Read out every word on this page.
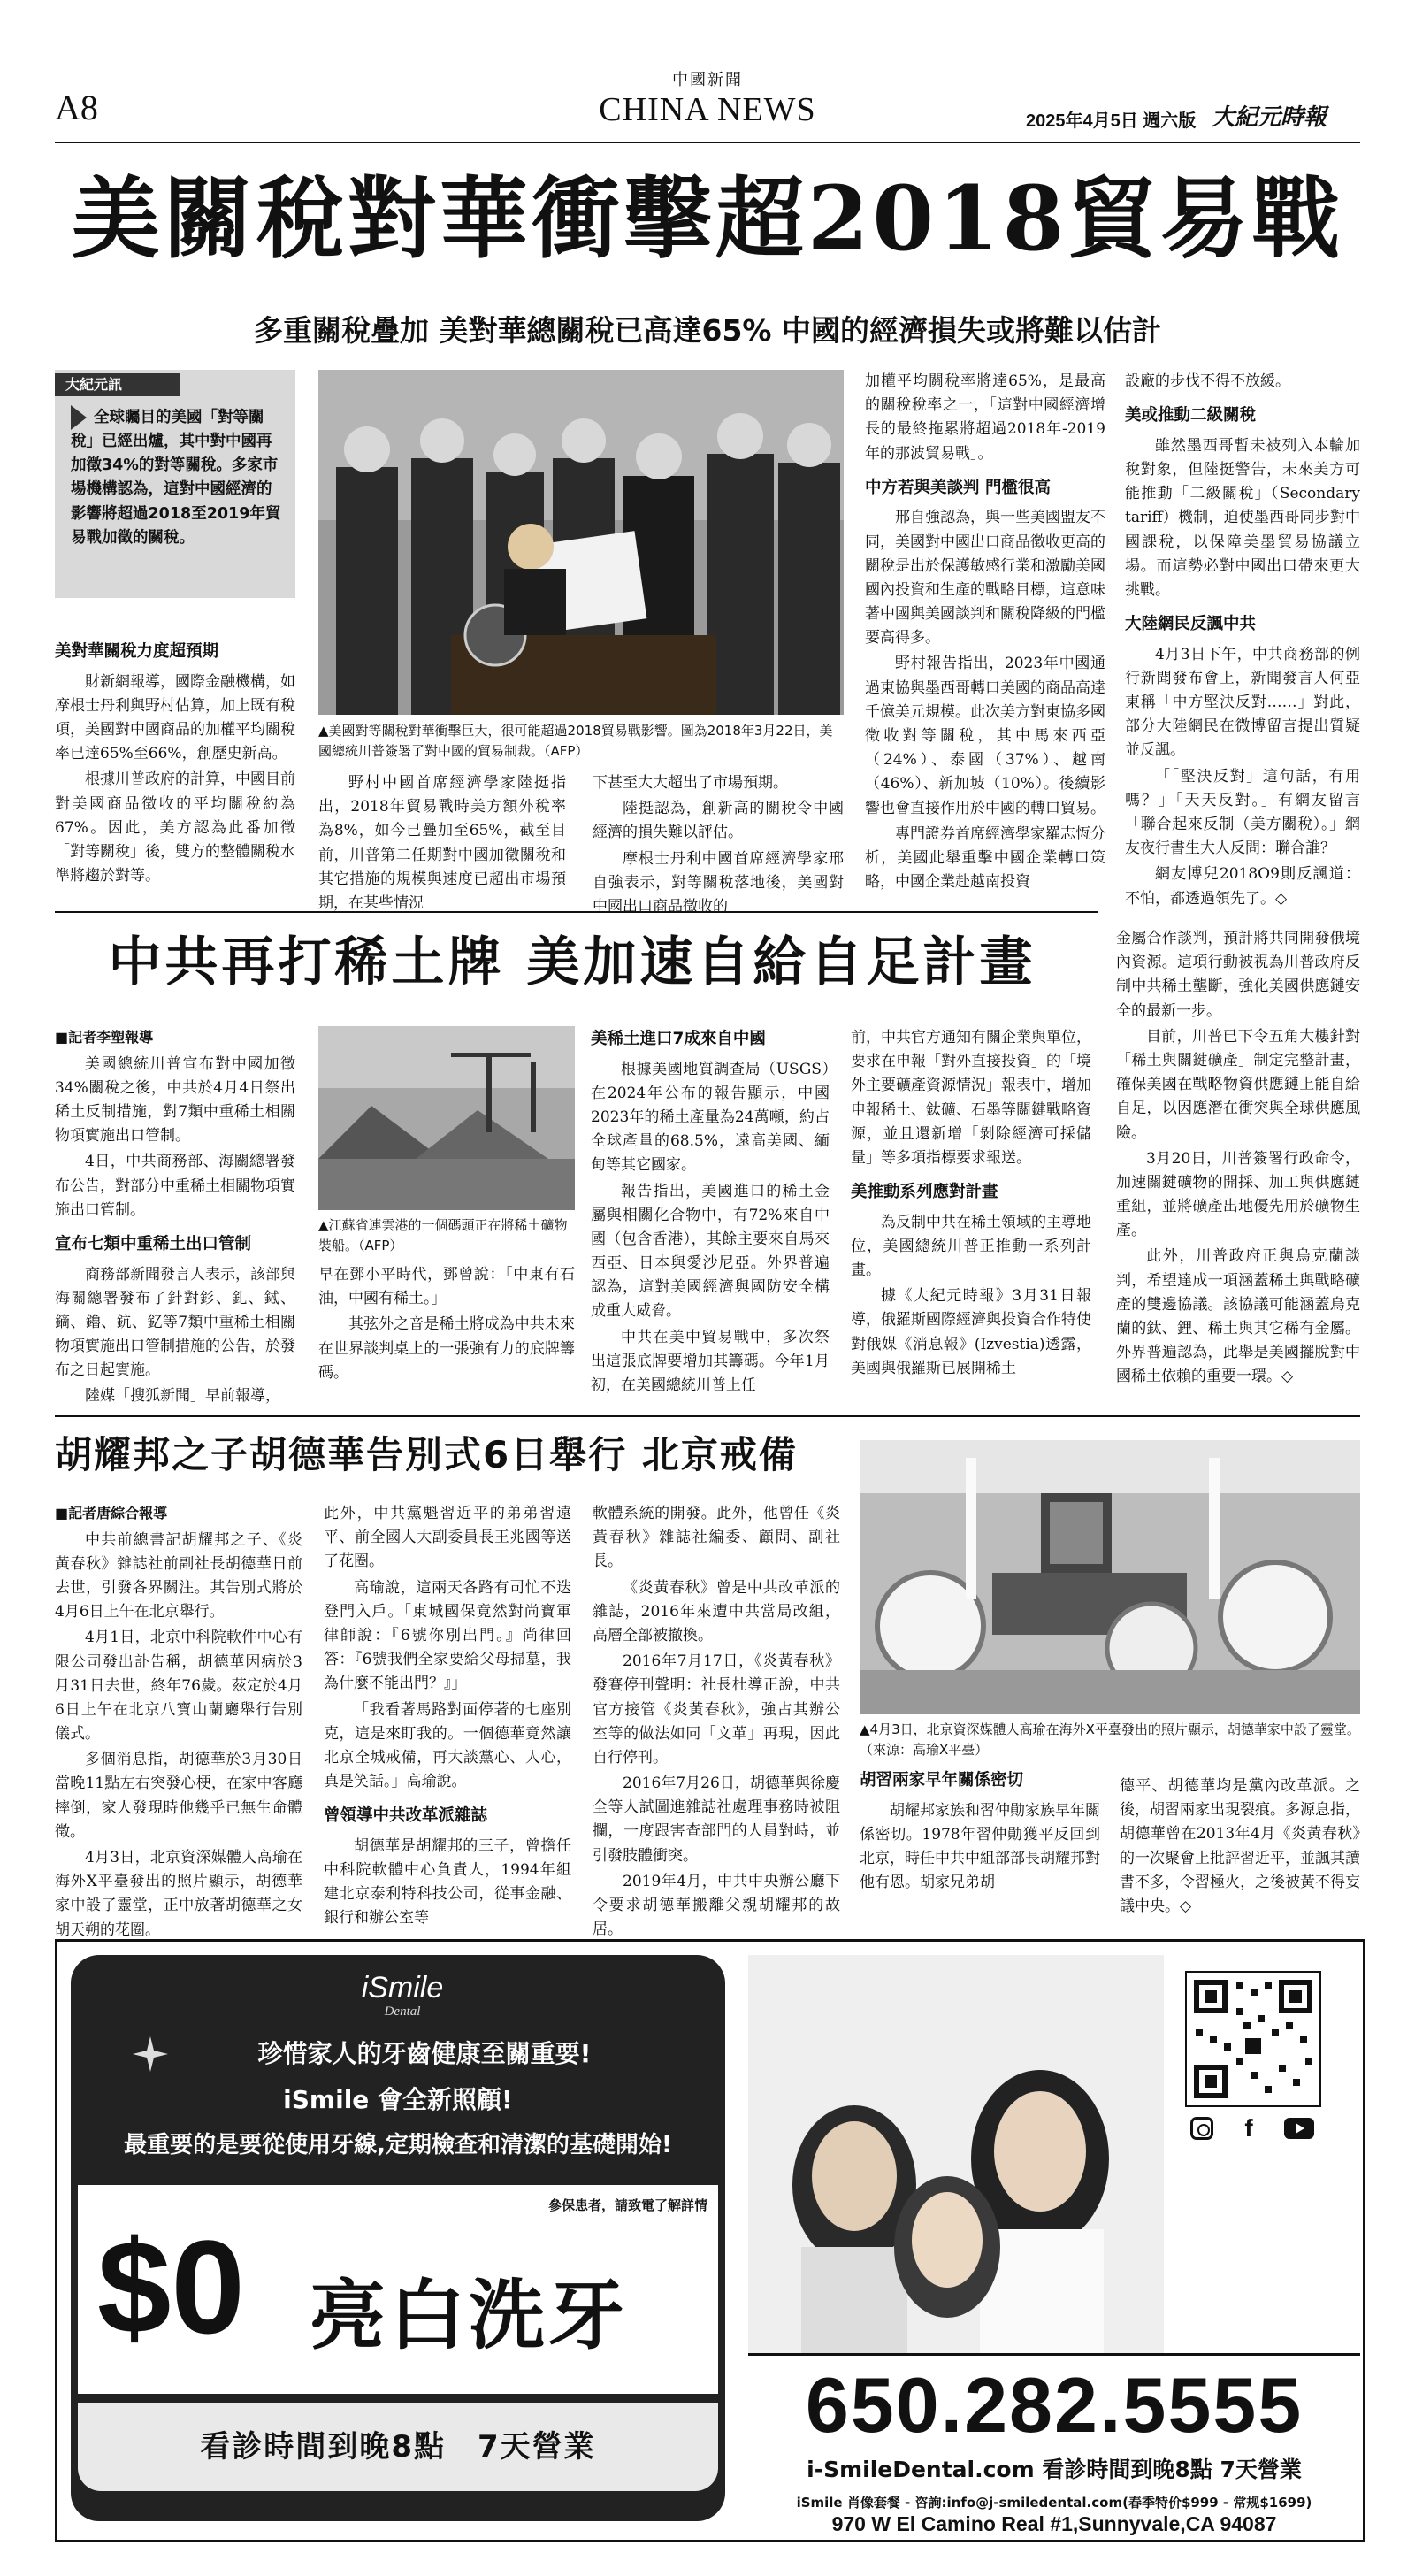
A8
中國新聞
CHINA NEWS	2025年4月5日 週六版 大紀元時報
美關稅對華衝擊超2018貿易戰
多重關稅疊加 美對華總關稅已高達65% 中國的經濟損失或將難以估計
大紀元訊
全球矚目的美國「對等關稅」已經出爐，其中對中國再加徵34%的對等關稅。多家市場機構認為，這對中國經濟的影響將超過2018至2019年貿易戰加徵的關稅。
美對華關稅力度超預期

財新網報導，國際金融機構，如摩根士丹利與野村估算，加上既有稅項，美國對中國商品的加權平均關稅率已達65%至66%，創歷史新高。

根據川普政府的計算，中國目前對美國商品徵收的平均關稅約為67%。因此，美方認為此番加徵「對等關稅」後，雙方的整體關稅水準將趨於對等。

▲美國對等關稅對華衝擊巨大，很可能超過2018貿易戰影響。圖為2018年3月22日，美國總統川普簽署了對中國的貿易制裁。（AFP）

野村中國首席經濟學家陸挺指出，2018年貿易戰時美方額外稅率為8%，如今已疊加至65%，截至目前，川普第二任期對中國加徵關稅和其它措施的規模與速度已超出市場預期，在某些情況

下甚至大大超出了市場預期。

陸挺認為，創新高的關稅令中國經濟的損失難以評估。

摩根士丹利中國首席經濟學家邢自強表示，對等關稅落地後，美國對中國出口商品徵收的

加權平均關稅率將達65%，是最高的關稅稅率之一，「這對中國經濟增長的最終拖累將超過2018年-2019年的那波貿易戰」。

中方若與美談判 門檻很高

邢自強認為，與一些美國盟友不同，美國對中國出口商品徵收更高的關稅是出於保護敏感行業和激勵美國國內投資和生產的戰略目標，這意味著中國與美國談判和關稅降級的門檻要高得多。

野村報告指出，2023年中國通過東協與墨西哥轉口美國的商品高達千億美元規模。此次美方對東協多國徵收對等關稅，其中馬來西亞（24%）、泰國（37%）、越南（46%）、新加坡（10%）。後續影響也會直接作用於中國的轉口貿易。

專門證券首席經濟學家羅志恆分析，美國此舉重擊中國企業轉口策略，中國企業赴越南投資

設廠的步伐不得不放緩。

美或推動二級關稅

雖然墨西哥暫未被列入本輪加稅對象，但陸挺警告，未來美方可能推動「二級關稅」（Secondary tariff）機制，迫使墨西哥同步對中國課稅，以保障美墨貿易協議立場。而這勢必對中國出口帶來更大挑戰。

大陸網民反諷中共

4月3日下午，中共商務部的例行新聞發布會上，新聞發言人何亞東稱「中方堅決反對……」對此，部分大陸網民在微博留言提出質疑並反諷。

「「堅決反對」這句話，有用嗎？」「天天反對。」有網友留言「聯合起來反制（美方關稅）。」網友夜行書生大人反問：聯合誰？

網友博兒2018O9則反諷道：不怕，都透過領先了。◇

中共再打稀土牌 美加速自給自足計畫
■記者李塑報導

美國總統川普宣布對中國加徵34%關稅之後，中共於4月4日祭出稀土反制措施，對7類中重稀土相關物項實施出口管制。

4日，中共商務部、海關總署發布公告，對部分中重稀土相關物項實施出口管制。

宣布七類中重稀土出口管制

商務部新聞發言人表示，該部與海關總署發布了針對釤、釓、鋱、鏑、鑥、鈧、釔等7類中重稀土相關物項實施出口管制措施的公告，於發布之日起實施。

陸媒「搜狐新聞」早前報導，

▲江蘇省連雲港的一個碼頭正在將稀土礦物裝船。（AFP）

早在鄧小平時代，鄧曾說：「中東有石油，中國有稀土。」

其弦外之音是稀土將成為中共未來在世界談判桌上的一張強有力的底牌籌碼。

美稀土進口7成來自中國

根據美國地質調查局（USGS）在2024年公布的報告顯示，中國2023年的稀土產量為24萬噸，約占全球產量的68.5%，遠高美國、緬甸等其它國家。

報告指出，美國進口的稀土金屬與相關化合物中，有72%來自中國（包含香港），其餘主要來自馬來西亞、日本與愛沙尼亞。外界普遍認為，這對美國經濟與國防安全構成重大威脅。

中共在美中貿易戰中，多次祭出這張底牌要增加其籌碼。今年1月初，在美國總統川普上任

前，中共官方通知有關企業與單位，要求在申報「對外直接投資」的「境外主要礦產資源情況」報表中，增加申報稀土、鈦礦、石墨等關鍵戰略資源，並且還新增「剝除經濟可採儲量」等多項指標要求報送。

美推動系列應對計畫

為反制中共在稀土領域的主導地位，美國總統川普正推動一系列計畫。

據《大紀元時報》3月31日報導，俄羅斯國際經濟與投資合作特使對俄媒《消息報》(Izvestia)透露，美國與俄羅斯已展開稀土

金屬合作談判，預計將共同開發俄境內資源。這項行動被視為川普政府反制中共稀土壟斷，強化美國供應鏈安全的最新一步。

目前，川普已下令五角大樓針對「稀土與關鍵礦產」制定完整計畫，確保美國在戰略物資供應鏈上能自給自足，以因應潛在衝突與全球供應風險。

3月20日，川普簽署行政命令，加速關鍵礦物的開採、加工與供應鏈重組，並將礦產出地優先用於礦物生產。

此外，川普政府正與烏克蘭談判，希望達成一項涵蓋稀土與戰略礦產的雙邊協議。該協議可能涵蓋烏克蘭的鈦、鋰、稀土與其它稀有金屬。外界普遍認為，此舉是美國擺脫對中國稀土依賴的重要一環。◇

胡耀邦之子胡德華告別式6日舉行 北京戒備
■記者唐綜合報導

中共前總書記胡耀邦之子、《炎黃春秋》雜誌社前副社長胡德華日前去世，引發各界關注。其告別式將於4月6日上午在北京舉行。

4月1日，北京中科院軟件中心有限公司發出訃告稱，胡德華因病於3月31日去世，終年76歲。茲定於4月6日上午在北京八寶山蘭廳舉行告別儀式。

多個消息指，胡德華於3月30日當晚11點左右突發心梗，在家中客廳摔倒，家人發現時他幾乎已無生命體徵。

4月3日，北京資深媒體人高瑜在海外X平臺發出的照片顯示，胡德華家中設了靈堂，正中放著胡德華之女胡天朔的花圈。

此外，中共黨魁習近平的弟弟習遠平、前全國人大副委員長王兆國等送了花圈。

高瑜說，這兩天各路有司忙不迭登門入戶。「東城國保竟然對尚寶軍律師說：『6號你別出門。』尚律回答：『6號我們全家要給父母掃墓，我為什麼不能出門？』」

「我看著馬路對面停著的七座別克，這是來盯我的。一個德華竟然讓北京全城戒備，再大談黨心、人心，真是笑話。」高瑜說。

曾領導中共改革派雜誌

胡德華是胡耀邦的三子，曾擔任中科院軟體中心負責人，1994年組建北京泰利特科技公司，從事金融、銀行和辦公室等

軟體系統的開發。此外，他曾任《炎黃春秋》雜誌社編委、顧問、副社長。

《炎黃春秋》曾是中共改革派的雜誌，2016年來遭中共當局改組，高層全部被撤換。

2016年7月17日，《炎黃春秋》發賽停刊聲明：社長杜導正說，中共官方接管《炎黃春秋》，強占其辦公室等的做法如同「文革」再現，因此自行停刊。

2016年7月26日，胡德華與徐慶全等人試圖進雜誌社處理事務時被阻攔，一度跟害查部門的人員對峙，並引發肢體衝突。

2019年4月，中共中央辦公廳下令要求胡德華搬離父親胡耀邦的故居。

▲4月3日，北京資深媒體人高瑜在海外X平臺發出的照片顯示，胡德華家中設了靈堂。（來源：高瑜X平臺）
胡習兩家早年關係密切

胡耀邦家族和習仲勛家族早年關係密切。1978年習仲勛獲平反回到北京，時任中共中組部部長胡耀邦對他有恩。胡家兄弟胡

德平、胡德華均是黨內改革派。之後，胡習兩家出現裂痕。多源息指，胡德華曾在2013年4月《炎黃春秋》的一次聚會上批評習近平，並諷其讀書不多，令習極火，之後被黃不得妄議中央。◇

iSmile
Dental
珍惜家人的牙齒健康至關重要!
iSmile 會全新照顧!
最重要的是要從使用牙線,定期檢查和清潔的基礎開始!
參保患者，請致電了解詳情
$0 亮白洗牙
看診時間到晚8點　7天營業
f
650.282.5555
i-SmileDental.com 看診時間到晚8點 7天營業
iSmile 肖像套餐 - 咨詢:info@j-smiledental.com(春季特价$999 - 常规$1699)
970 W El Camino Real #1,Sunnyvale,CA 94087
